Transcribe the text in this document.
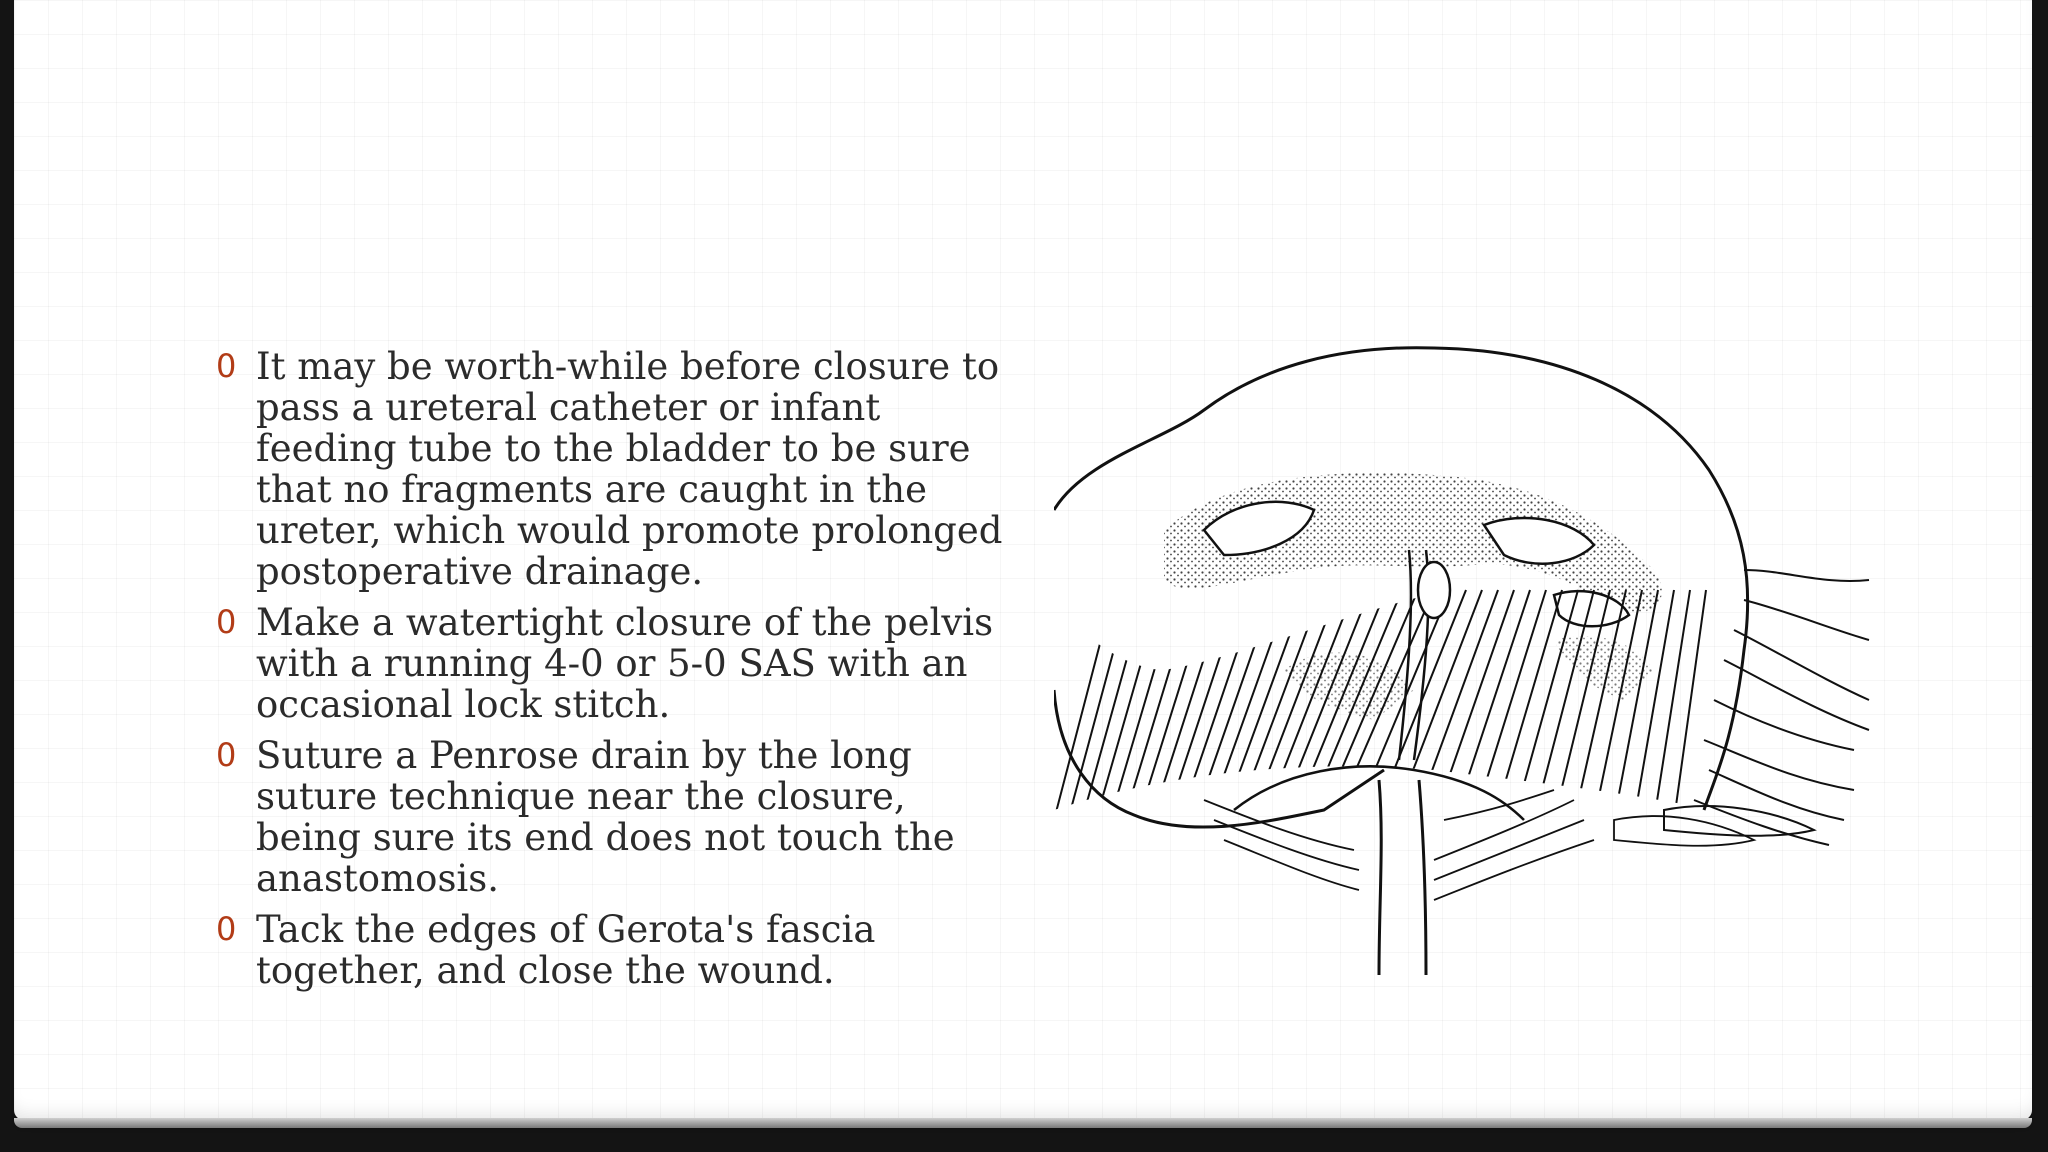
0 It may be worth-while before closure to pass a ureteral catheter or infant feeding tube to the bladder to be sure that no fragments are caught in the ureter, which would promote prolonged postoperative drainage.
0 Make a watertight closure of the pelvis with a running 4-0 or 5-0 SAS with an occasional lock stitch.
0 Suture a Penrose drain by the long suture technique near the closure, being sure its end does not touch the anastomosis.
0 Tack the edges of Gerota's fascia together, and close the wound.
